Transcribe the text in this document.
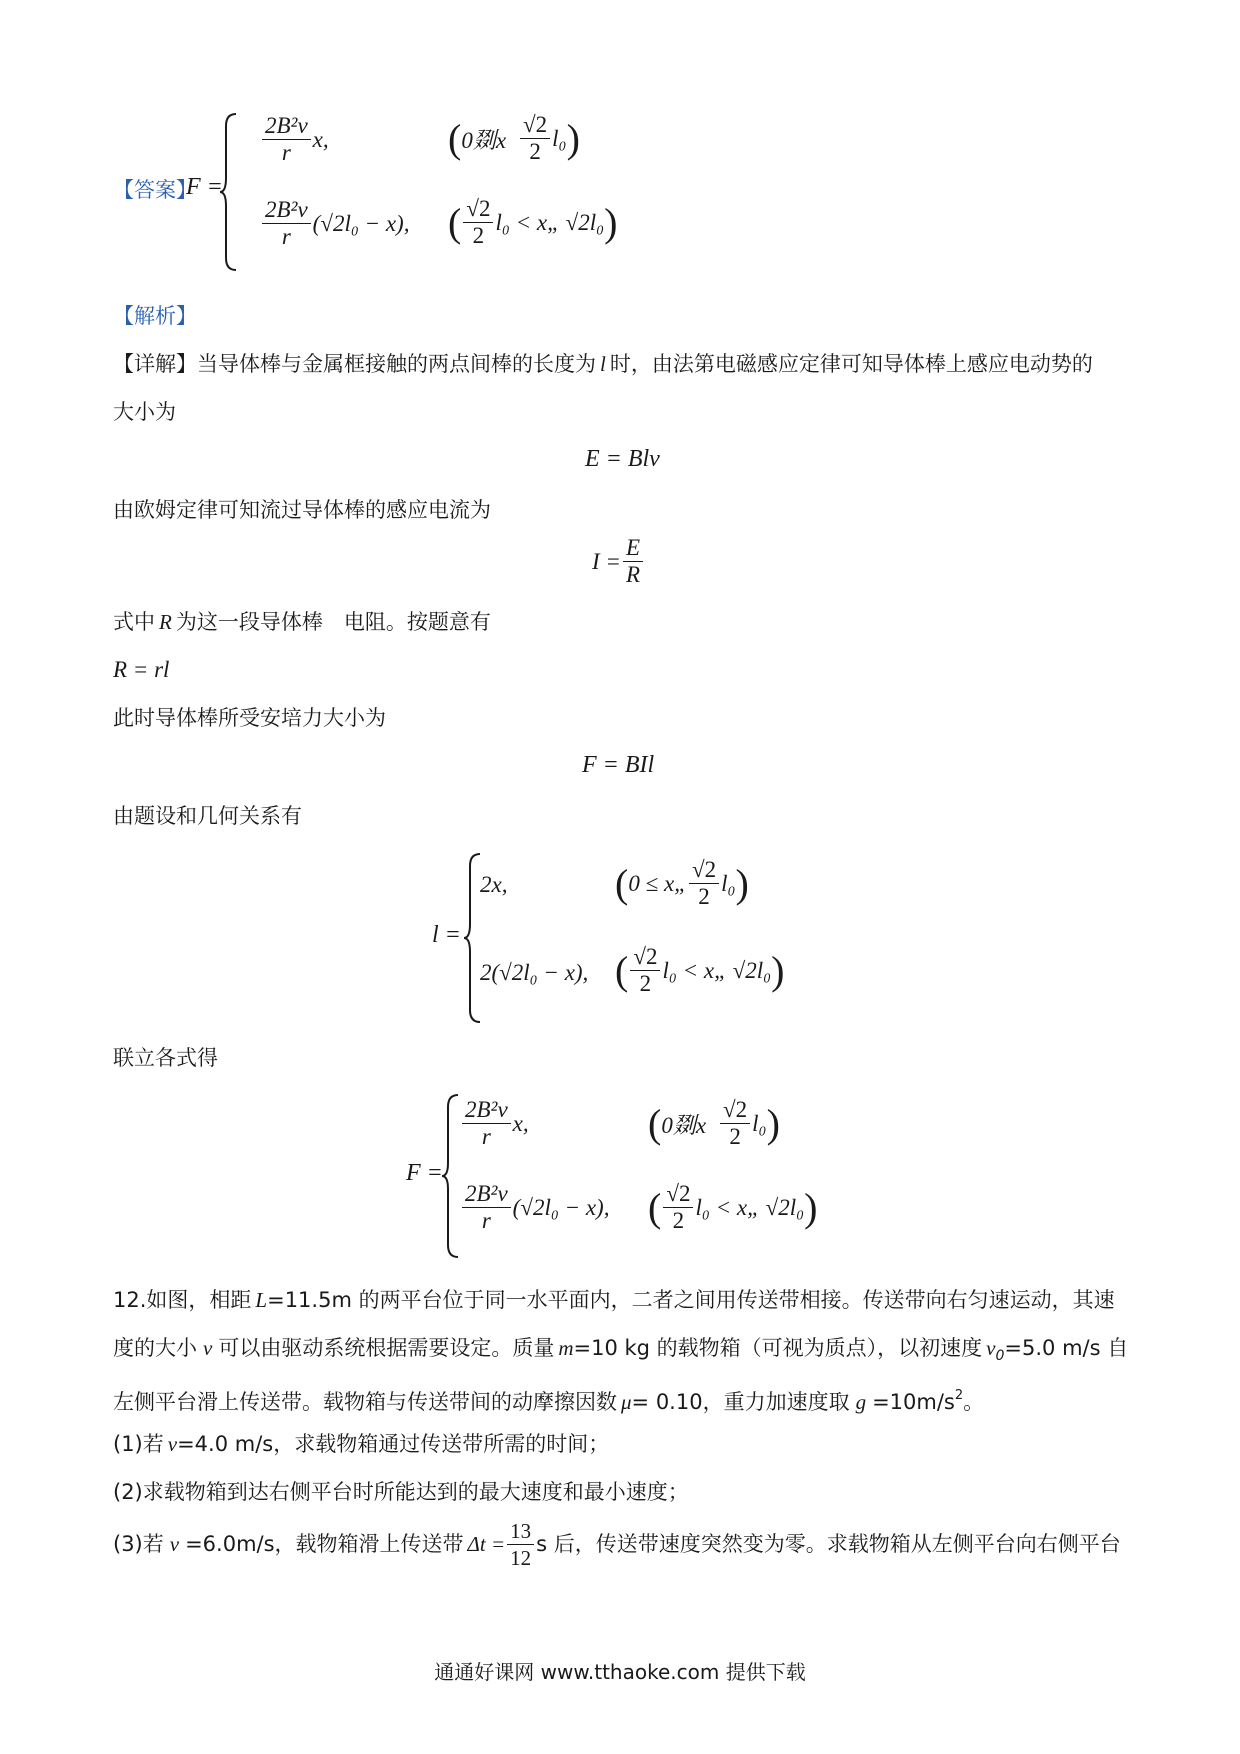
【答案】
F =
$\frac{\text{2B²v}}{r} x$,	( 0剟x $\frac{√2}{2} l_0$ )
$\frac{\text{2B²v}}{r} (√2l_0 - x)$, ( $\frac{√2}{2} l_0$ < x„ √2l₀ )
【解析】
【详解】当导体棒与金属框接触的两点间棒的长度为 l 时，由法第电磁感应定律可知导体棒上感应电动势的
大小为
E = Blv
由欧姆定律可知流过导体棒的感应电流为
$I = \frac{E}{R}$
式中 R 为这一段导体棒　电阻。按题意有
R = rl
此时导体棒所受安培力大小为
F = BIl
由题设和几何关系有
l =
2x,	( 0 ≤ x„ $\frac{√2}{2} l_0$ )
2(√2l₀ − x), ( $\frac{√2}{2} l_0$ < x„ √2l₀ )
联立各式得
F =
$\frac{\text{2B²v}}{r} x$,	( 0剟x $\frac{√2}{2} l_0$ )
$\frac{\text{2B²v}}{r} (√2l_0 - x)$, ( $\frac{√2}{2} l_0$ < x„ √2l₀ )
12.如图，相距 L=11.5m 的两平台位于同一水平面内，二者之间用传送带相接。传送带向右匀速运动，其速
度的大小 v 可以由驱动系统根据需要设定。质量 m=10 kg 的载物箱（可视为质点），以初速度 $v_0=5.0$ m/s 自
左侧平台滑上传送带。载物箱与传送带间的动摩擦因数 μ= 0.10，重力加速度取 $g =10m/s^2$。
(1)若 v=4.0 m/s，求载物箱通过传送带所需的时间；
(2)求载物箱到达右侧平台时所能达到的最大速度和最小速度；
(3)若 v =6.0m/s，载物箱滑上传送带 $\Delta t = \frac{13}{12}$ s 后，传送带速度突然变为零。求载物箱从左侧平台向右侧平台
通通好课网 www.tthaoke.com 提供下载
